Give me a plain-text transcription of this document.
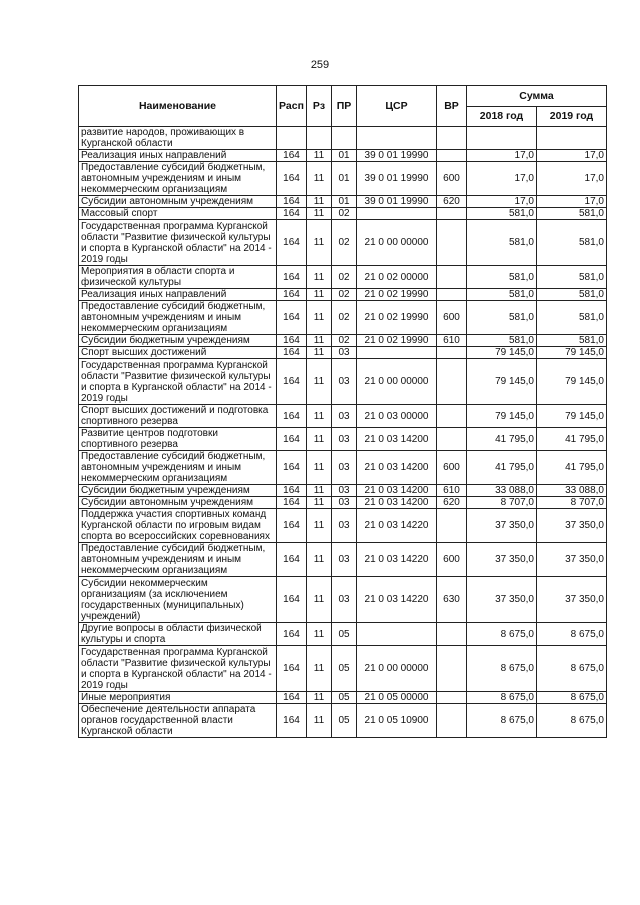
259
Наименование	Расп	Рз	ПР	ЦСР	ВР	Сумма	
						2018 год	2019 год
развитие народов, проживающих в Курганской области							
Реализация иных направлений	164	11	01	39 0 01 19990		17,0	17,0
Предоставление субсидий бюджетным, автономным учреждениям и иным некоммерческим организациям	164	11	01	39 0 01 19990	600	17,0	17,0
Субсидии автономным учреждениям	164	11	01	39 0 01 19990	620	17,0	17,0
Массовый спорт	164	11	02			581,0	581,0
Государственная программа Курганской области "Развитие физической культуры и спорта в Курганской области" на 2014 - 2019 годы	164	11	02	21 0 00 00000		581,0	581,0
Мероприятия в области спорта и физической культуры	164	11	02	21 0 02 00000		581,0	581,0
Реализация иных направлений	164	11	02	21 0 02 19990		581,0	581,0
Предоставление субсидий бюджетным, автономным учреждениям и иным некоммерческим организациям	164	11	02	21 0 02 19990	600	581,0	581,0
Субсидии бюджетным учреждениям	164	11	02	21 0 02 19990	610	581,0	581,0
Спорт высших достижений	164	11	03			79 145,0	79 145,0
Государственная программа Курганской области "Развитие физической культуры и спорта в Курганской области" на 2014 - 2019 годы	164	11	03	21 0 00 00000		79 145,0	79 145,0
Спорт высших достижений и подготовка спортивного резерва	164	11	03	21 0 03 00000		79 145,0	79 145,0
Развитие центров подготовки спортивного резерва	164	11	03	21 0 03 14200		41 795,0	41 795,0
Предоставление субсидий бюджетным, автономным учреждениям и иным некоммерческим организациям	164	11	03	21 0 03 14200	600	41 795,0	41 795,0
Субсидии бюджетным учреждениям	164	11	03	21 0 03 14200	610	33 088,0	33 088,0
Субсидии автономным учреждениям	164	11	03	21 0 03 14200	620	8 707,0	8 707,0
Поддержка участия спортивных команд Курганской области по игровым видам спорта во всероссийских соревнованиях	164	11	03	21 0 03 14220		37 350,0	37 350,0
Предоставление субсидий бюджетным, автономным учреждениям и иным некоммерческим организациям	164	11	03	21 0 03 14220	600	37 350,0	37 350,0
Субсидии некоммерческим организациям (за исключением государственных (муниципальных) учреждений)	164	11	03	21 0 03 14220	630	37 350,0	37 350,0
Другие вопросы в области физической культуры и спорта	164	11	05			8 675,0	8 675,0
Государственная программа Курганской области "Развитие физической культуры и спорта в Курганской области" на 2014 - 2019 годы	164	11	05	21 0 00 00000		8 675,0	8 675,0
Иные мероприятия	164	11	05	21 0 05 00000		8 675,0	8 675,0
Обеспечение деятельности аппарата органов государственной власти Курганской области	164	11	05	21 0 05 10900		8 675,0	8 675,0
